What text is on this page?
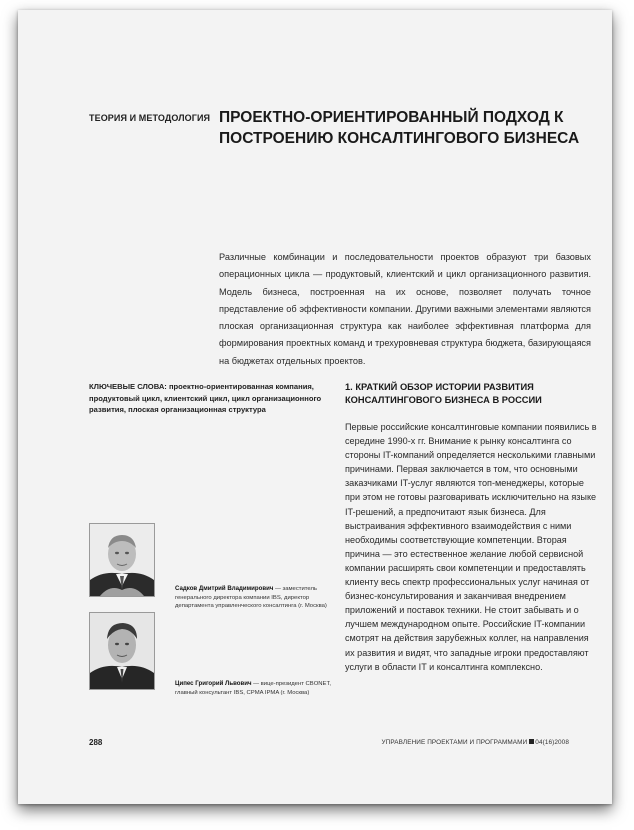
ТЕОРИЯ И МЕТОДОЛОГИЯ ПРОЕКТНО-ОРИЕНТИРОВАННЫЙ ПОДХОД К ПОСТРОЕНИЮ КОНСАЛТИНГОВОГО БИЗНЕСА

Различные комбинации и последовательности проектов образуют три базовых операционных цикла — продуктовый, клиентский и цикл организационного развития. Модель бизнеса, построенная на их основе, позволяет получать точное представление об эффективности компании. Другими важными элементами являются плоская организационная структура как наиболее эффективная платформа для формирования проектных команд и трехуровневая структура бюджета, базирующаяся на бюджетах отдельных проектов.

КЛЮЧЕВЫЕ СЛОВА: проектно-ориентированная компания, продуктовый цикл, клиентский цикл, цикл организационного развития, плоская организационная структура
1. КРАТКИЙ ОБЗОР ИСТОРИИ РАЗВИТИЯ КОНСАЛТИНГОВОГО БИЗНЕСА В РОССИИ

Первые российские консалтинговые компании появились в середине 1990-х гг. Внимание к рынку консалтинга со стороны IT-компаний определяется несколькими главными причинами. Первая заключается в том, что основными заказчиками IT-услуг являются топ-менеджеры, которые при этом не готовы разговаривать исключительно на языке IT-решений, а предпочитают язык бизнеса. Для выстраивания эффективного взаимодействия с ними необходимы соответствующие компетенции. Вторая причина — это естественное желание любой сервисной компании расширять свои компетенции и предоставлять клиенту весь спектр профессиональных услуг начиная от бизнес-консультирования и заканчивая внедрением приложений и поставок техники. Не стоит забывать и о лучшем международном опыте. Российские IT-компании смотрят на действия зарубежных коллег, на направления их развития и видят, что западные игроки предоставляют услуги в области IT и консалтинга комплексно.

Садков Дмитрий Владимирович — заместитель генерального директора компании IBS, директор департамента управленческого консалтинга (г. Москва)
Ципес Григорий Львович — вице-президент CBONET, главный консультант IBS, CPMA IPMA (г. Москва)
288	УПРАВЛЕНИЕ ПРОЕКТАМИ И ПРОГРАММАМИ 04(16)2008
